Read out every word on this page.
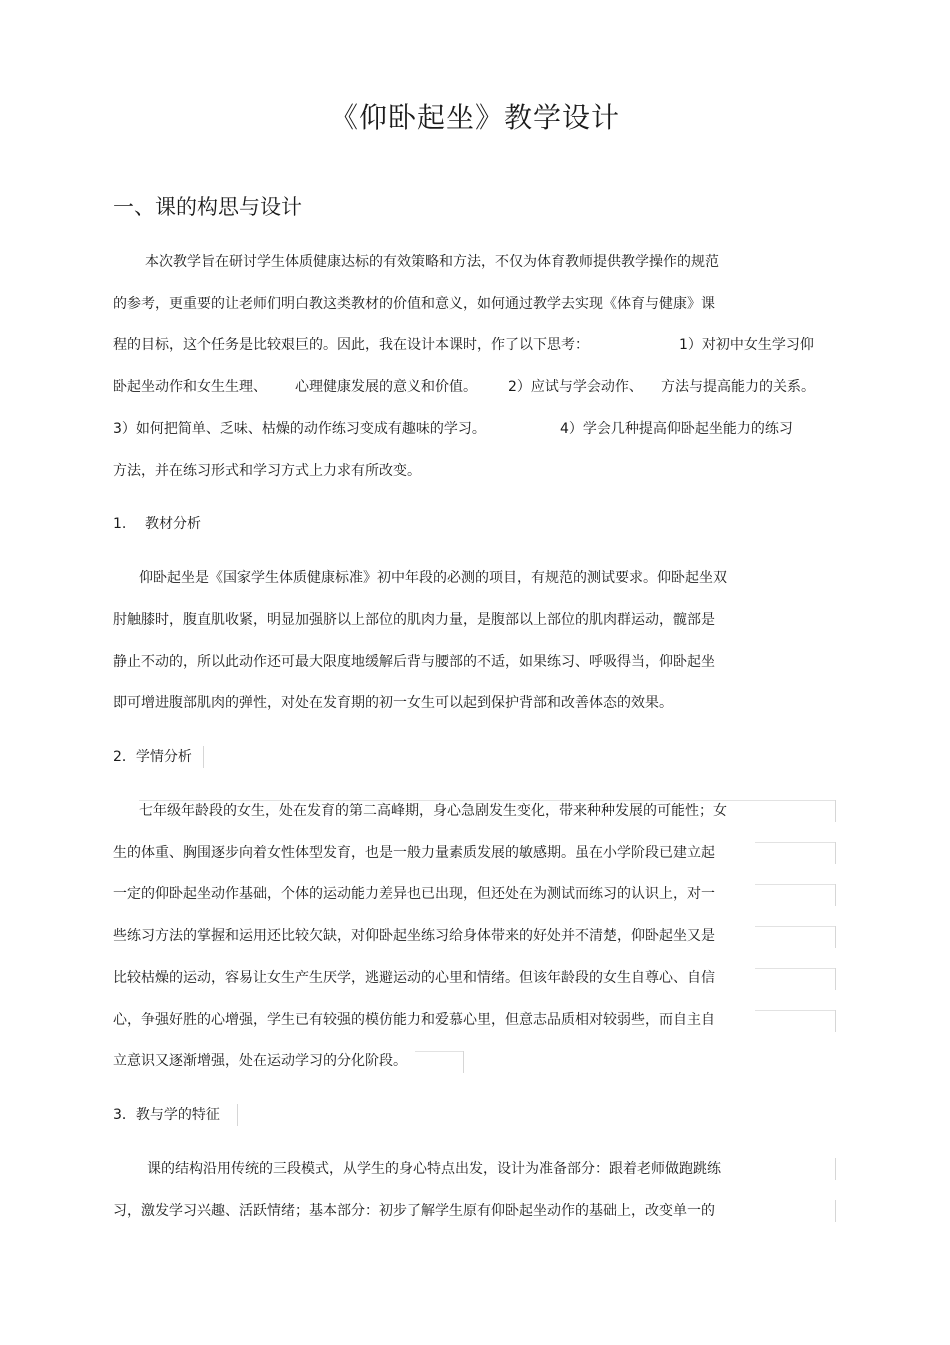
《仰卧起坐》教学设计
一、课的构思与设计
本次教学旨在研讨学生体质健康达标的有效策略和方法，不仅为体育教师提供教学操作的规范
的参考，更重要的让老师们明白教这类教材的价值和意义，如何通过教学去实现《体育与健康》课
程的目标，这个任务是比较艰巨的。因此，我在设计本课时，作了以下思考：	1）对初中女生学习仰
卧起坐动作和女生生理、 心理健康发展的意义和价值。 2）应试与学会动作、 方法与提高能力的关系。
3）如何把简单、乏味、枯燥的动作练习变成有趣味的学习。	4）学会几种提高仰卧起坐能力的练习
方法，并在练习形式和学习方式上力求有所改变。
1. 教材分析
仰卧起坐是《国家学生体质健康标准》初中年段的必测的项目，有规范的测试要求。仰卧起坐双
肘触膝时，腹直肌收紧，明显加强脐以上部位的肌肉力量，是腹部以上部位的肌肉群运动，髋部是
静止不动的，所以此动作还可最大限度地缓解后背与腰部的不适，如果练习、呼吸得当，仰卧起坐
即可增进腹部肌肉的弹性，对处在发育期的初一女生可以起到保护背部和改善体态的效果。
2．学情分析
七年级年龄段的女生，处在发育的第二高峰期，身心急剧发生变化，带来种种发展的可能性；女
生的体重、胸围逐步向着女性体型发育，也是一般力量素质发展的敏感期。虽在小学阶段已建立起
一定的仰卧起坐动作基础，个体的运动能力差异也已出现，但还处在为测试而练习的认识上，对一
些练习方法的掌握和运用还比较欠缺，对仰卧起坐练习给身体带来的好处并不清楚，仰卧起坐又是
比较枯燥的运动，容易让女生产生厌学，逃避运动的心里和情绪。但该年龄段的女生自尊心、自信
心，争强好胜的心增强，学生已有较强的模仿能力和爱慕心里，但意志品质相对较弱些，而自主自
立意识又逐渐增强，处在运动学习的分化阶段。
3．教与学的特征
课的结构沿用传统的三段模式，从学生的身心特点出发，设计为准备部分：跟着老师做跑跳练
习，激发学习兴趣、活跃情绪；基本部分：初步了解学生原有仰卧起坐动作的基础上，改变单一的
